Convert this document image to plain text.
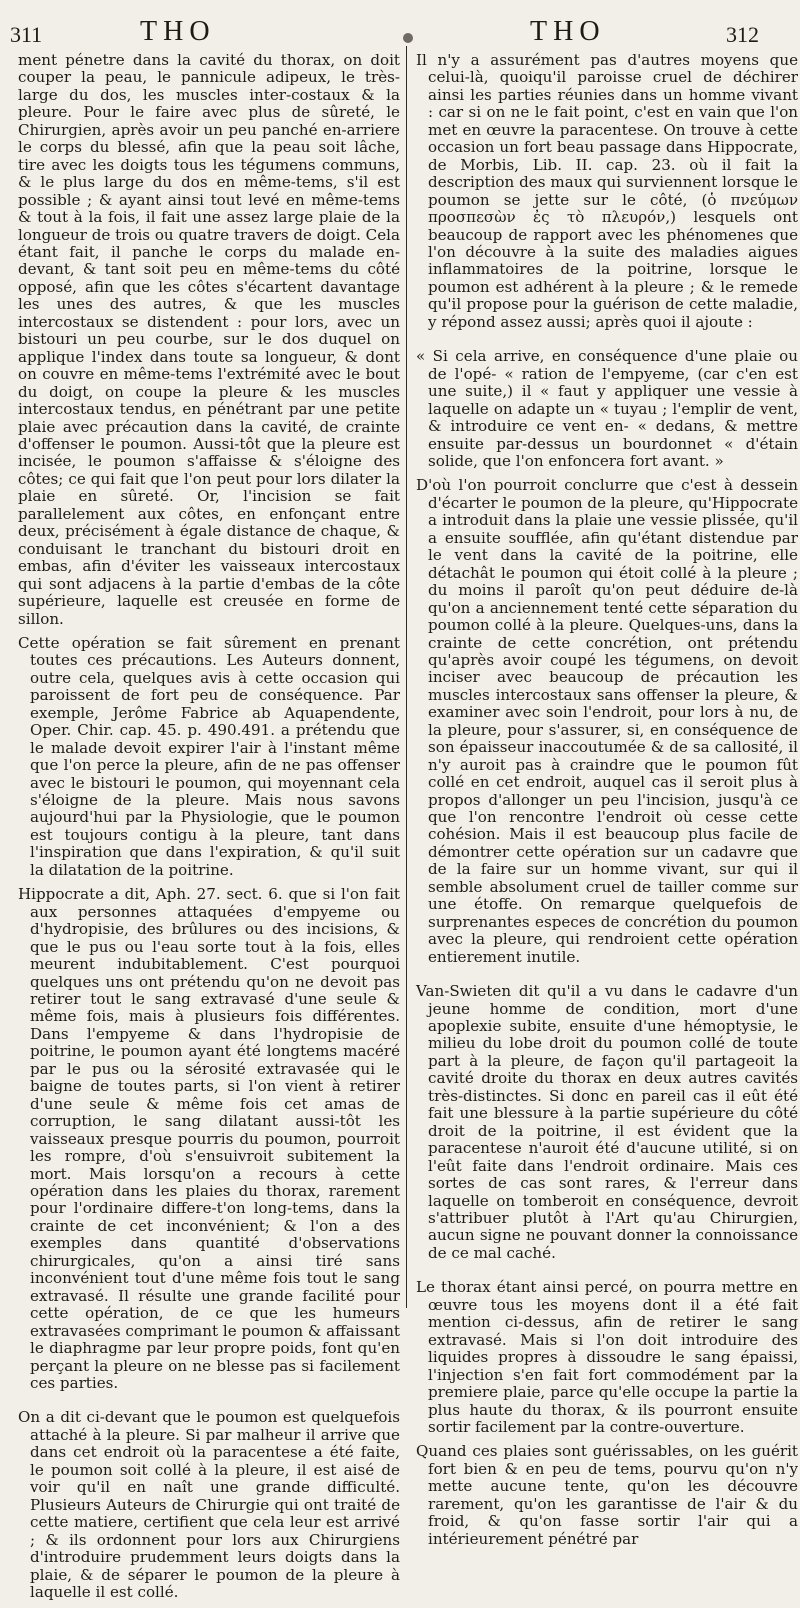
311	THO	THO	312

ment pénetre dans la cavité du thorax, on doit couper la peau, le pannicule adipeux, le très-large du dos, les muscles inter-costaux & la pleure. Pour le faire avec plus de sûreté, le Chirurgien, après avoir un peu panché en-arriere le corps du blessé, afin que la peau soit lâche, tire avec les doigts tous les tégumens communs, & le plus large du dos en même-tems, s'il est possible ; & ayant ainsi tout levé en même-tems & tout à la fois, il fait une assez large plaie de la longueur de trois ou quatre travers de doigt. Cela étant fait, il panche le corps du malade en-devant, & tant soit peu en même-tems du côté opposé, afin que les côtes s'écartent davantage les unes des autres, & que les muscles intercostaux se distendent : pour lors, avec un bistouri un peu courbe, sur le dos duquel on applique l'index dans toute sa longueur, & dont on couvre en même-tems l'extrémité avec le bout du doigt, on coupe la pleure & les muscles intercostaux tendus, en pénétrant par une petite plaie avec précaution dans la cavité, de crainte d'offenser le poumon. Aussi-tôt que la pleure est incisée, le poumon s'affaisse & s'éloigne des côtes; ce qui fait que l'on peut pour lors dilater la plaie en sûreté. Or, l'incision se fait parallelement aux côtes, en enfonçant entre deux, précisément à égale distance de chaque, & conduisant le tranchant du bistouri droit en embas, afin d'éviter les vaisseaux intercostaux qui sont adjacens à la partie d'embas de la côte supérieure, laquelle est creusée en forme de sillon.

Cette opération se fait sûrement en prenant toutes ces précautions. Les Auteurs donnent, outre cela, quelques avis à cette occasion qui paroissent de fort peu de conséquence. Par exemple, Jerôme Fabrice ab Aquapendente, Oper. Chir. cap. 45. p. 490.491. a prétendu que le malade devoit expirer l'air à l'instant même que l'on perce la pleure, afin de ne pas offenser avec le bistouri le poumon, qui moyennant cela s'éloigne de la pleure. Mais nous savons aujourd'hui par la Physiologie, que le poumon est toujours contigu à la pleure, tant dans l'inspiration que dans l'expiration, & qu'il suit la dilatation de la poitrine.

Hippocrate a dit, Aph. 27. sect. 6. que si l'on fait aux personnes attaquées d'empyeme ou d'hydropisie, des brûlures ou des incisions, & que le pus ou l'eau sorte tout à la fois, elles meurent indubitablement. C'est pourquoi quelques uns ont prétendu qu'on ne devoit pas retirer tout le sang extravasé d'une seule & même fois, mais à plusieurs fois différentes. Dans l'empyeme & dans l'hydropisie de poitrine, le poumon ayant été longtems macéré par le pus ou la sérosité extravasée qui le baigne de toutes parts, si l'on vient à retirer d'une seule & même fois cet amas de corruption, le sang dilatant aussi-tôt les vaisseaux presque pourris du poumon, pourroit les rompre, d'où s'ensuivroit subitement la mort. Mais lorsqu'on a recours à cette opération dans les plaies du thorax, rarement pour l'ordinaire differe-t'on long-tems, dans la crainte de cet inconvénient; & l'on a des exemples dans quantité d'observations chirurgicales, qu'on a ainsi tiré sans inconvénient tout d'une même fois tout le sang extravasé. Il résulte une grande facilité pour cette opération, de ce que les humeurs extravasées comprimant le poumon & affaissant le diaphragme par leur propre poids, font qu'en perçant la pleure on ne blesse pas si facilement ces parties.

On a dit ci-devant que le poumon est quelquefois attaché à la pleure. Si par malheur il arrive que dans cet endroit où la paracentese a été faite, le poumon soit collé à la pleure, il est aisé de voir qu'il en naît une grande difficulté. Plusieurs Auteurs de Chirurgie qui ont traité de cette matiere, certifient que cela leur est arrivé ; & ils ordonnent pour lors aux Chirurgiens d'introduire prudemment leurs doigts dans la plaie, & de séparer le poumon de la pleure à laquelle il est collé.

Il n'y a assurément pas d'autres moyens que celui-là, quoiqu'il paroisse cruel de déchirer ainsi les parties réunies dans un homme vivant : car si on ne le fait point, c'est en vain que l'on met en œuvre la paracentese. On trouve à cette occasion un fort beau passage dans Hippocrate, de Morbis, Lib. II. cap. 23. où il fait la description des maux qui surviennent lorsque le poumon se jette sur le côté, (ὁ πνεύμων προσπεσὼν ἐς τὸ πλευρόν,) lesquels ont beaucoup de rapport avec les phénomenes que l'on découvre à la suite des maladies aigues inflammatoires de la poitrine, lorsque le poumon est adhérent à la pleure ; & le remede qu'il propose pour la guérison de cette maladie, y répond assez aussi; après quoi il ajoute :

« Si cela arrive, en conséquence d'une plaie ou de l'opé- « ration de l'empyeme, (car c'en est une suite,) il « faut y appliquer une vessie à laquelle on adapte un « tuyau ; l'emplir de vent, & introduire ce vent en- « dedans, & mettre ensuite par-dessus un bourdonnet « d'étain solide, que l'on enfoncera fort avant. »

D'où l'on pourroit conclurre que c'est à dessein d'écarter le poumon de la pleure, qu'Hippocrate a introduit dans la plaie une vessie plissée, qu'il a ensuite soufflée, afin qu'étant distendue par le vent dans la cavité de la poitrine, elle détachât le poumon qui étoit collé à la pleure ; du moins il paroît qu'on peut déduire de-là qu'on a anciennement tenté cette séparation du poumon collé à la pleure. Quelques-uns, dans la crainte de cette concrétion, ont prétendu qu'après avoir coupé les tégumens, on devoit inciser avec beaucoup de précaution les muscles intercostaux sans offenser la pleure, & examiner avec soin l'endroit, pour lors à nu, de la pleure, pour s'assurer, si, en conséquence de son épaisseur inaccoutumée & de sa callosité, il n'y auroit pas à craindre que le poumon fût collé en cet endroit, auquel cas il seroit plus à propos d'allonger un peu l'incision, jusqu'à ce que l'on rencontre l'endroit où cesse cette cohésion. Mais il est beaucoup plus facile de démontrer cette opération sur un cadavre que de la faire sur un homme vivant, sur qui il semble absolument cruel de tailler comme sur une étoffe. On remarque quelquefois de surprenantes especes de concrétion du poumon avec la pleure, qui rendroient cette opération entierement inutile.

Van-Swieten dit qu'il a vu dans le cadavre d'un jeune homme de condition, mort d'une apoplexie subite, ensuite d'une hémoptysie, le milieu du lobe droit du poumon collé de toute part à la pleure, de façon qu'il partageoit la cavité droite du thorax en deux autres cavités très-distinctes. Si donc en pareil cas il eût été fait une blessure à la partie supérieure du côté droit de la poitrine, il est évident que la paracentese n'auroit été d'aucune utilité, si on l'eût faite dans l'endroit ordinaire. Mais ces sortes de cas sont rares, & l'erreur dans laquelle on tomberoit en conséquence, devroit s'attribuer plutôt à l'Art qu'au Chirurgien, aucun signe ne pouvant donner la connoissance de ce mal caché.

Le thorax étant ainsi percé, on pourra mettre en œuvre tous les moyens dont il a été fait mention ci-dessus, afin de retirer le sang extravasé. Mais si l'on doit introduire des liquides propres à dissoudre le sang épaissi, l'injection s'en fait fort commodément par la premiere plaie, parce qu'elle occupe la partie la plus haute du thorax, & ils pourront ensuite sortir facilement par la contre-ouverture.

Quand ces plaies sont guérissables, on les guérit fort bien & en peu de tems, pourvu qu'on n'y mette aucune tente, qu'on les découvre rarement, qu'on les garantisse de l'air & du froid, & qu'on fasse sortir l'air qui a intérieurement pénétré par
